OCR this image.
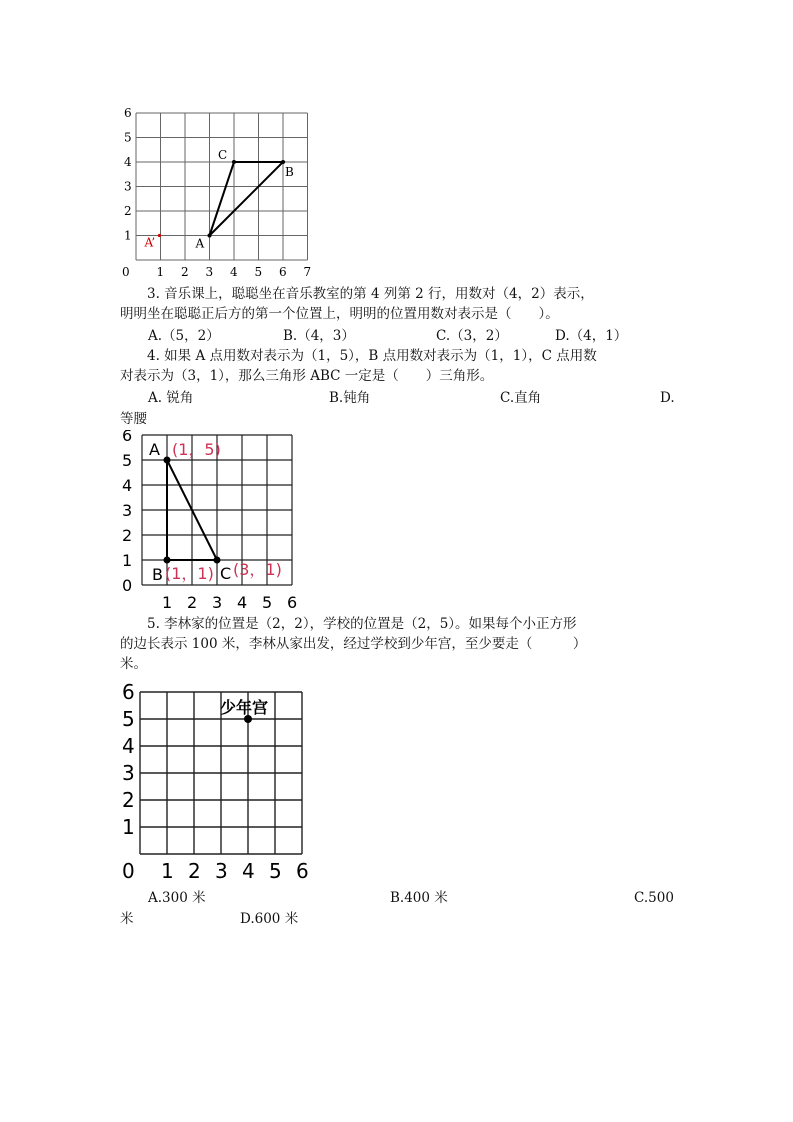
0 1 2 3 4 5 6 7
1
2
3
4
5
6
A
B
C
A’

3. 音乐课上，聪聪坐在音乐教室的第 4 列第 2 行，用数对（4，2）表示，

明明坐在聪聪正后方的第一个位置上，明明的位置用数对表示是（　　）。

A.（5，2）	B.（4，3）	C.（3，2）	D.（4，1）

4. 如果 A 点用数对表示为（1，5），B 点用数对表示为（1，1），C 点用数

对表示为（3，1），那么三角形 ABC 一定是（　　）三角形。

A. 锐角	B.钝角	C.直角	D.
等腰
1 2 3 4 5 6
0
1
2
3
4
5
6
A
B	C
(1，5)
(1，1) (3，1)

5. 李林家的位置是（2，2），学校的位置是（2，5）。如果每个小正方形

的边长表示 100 米，李林从家出发，经过学校到少年宫，至少要走（　　　）

米。

0 1 2 3 4 5 6
1
2
3
4
5
6
少年宫
A.300 米	B.400 米	C.500
米	D.600 米
